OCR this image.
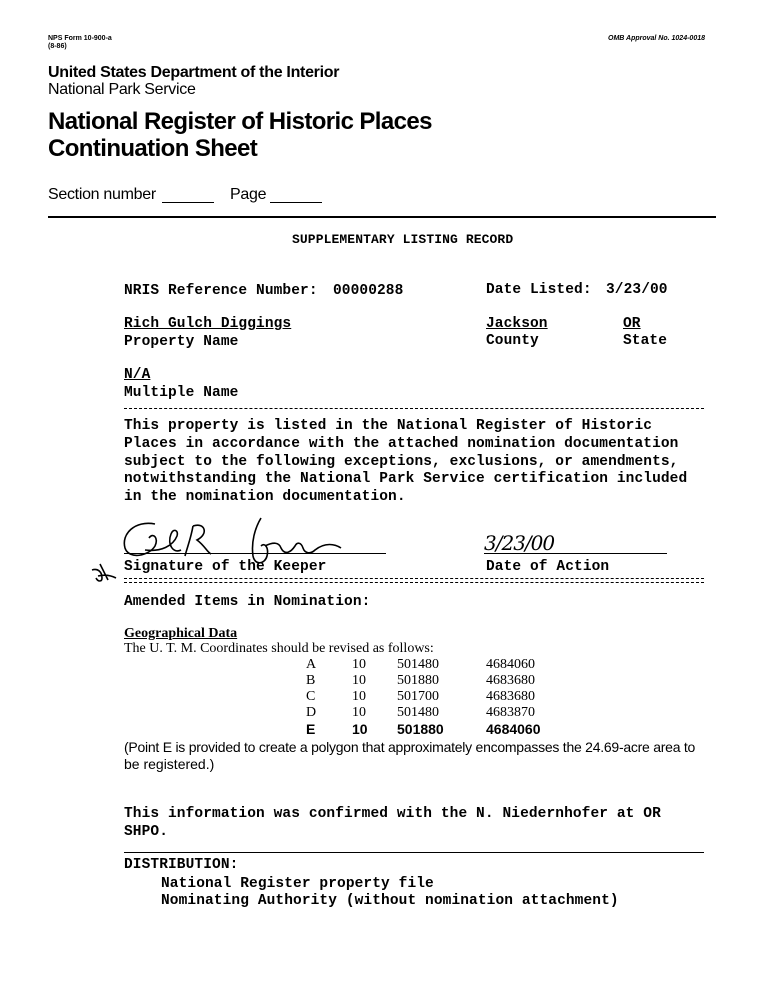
NPS Form 10-900-a
(8-86)
OMB Approval No. 1024-0018
United States Department of the Interior
National Park Service
National Register of Historic Places
Continuation Sheet
Section number	Page
SUPPLEMENTARY LISTING RECORD
NRIS Reference Number: 00000288	Date Listed: 3/23/00
Rich Gulch Diggings
Property Name
Jackson
County
OR
State
N/A
Multiple Name
This property is listed in the National Register of Historic
Places in accordance with the attached nomination documentation
subject to the following exceptions, exclusions, or amendments,
notwithstanding the National Park Service certification included
in the nomination documentation.
Signature of the Keeper
3/23/00
Date of Action
Amended Items in Nomination:
Geographical Data
The U. T. M. Coordinates should be revised as follows:
A	10 501480	4684060
B	10 501880	4683680
C	10 501700	4683680
D	10 501480	4683870
E	10 501880	4684060
(Point E is provided to create a polygon that approximately encompasses the 24.69-acre area to
be registered.)
This information was confirmed with the N. Niedernhofer at OR
SHPO.
DISTRIBUTION:
National Register property file
Nominating Authority (without nomination attachment)
